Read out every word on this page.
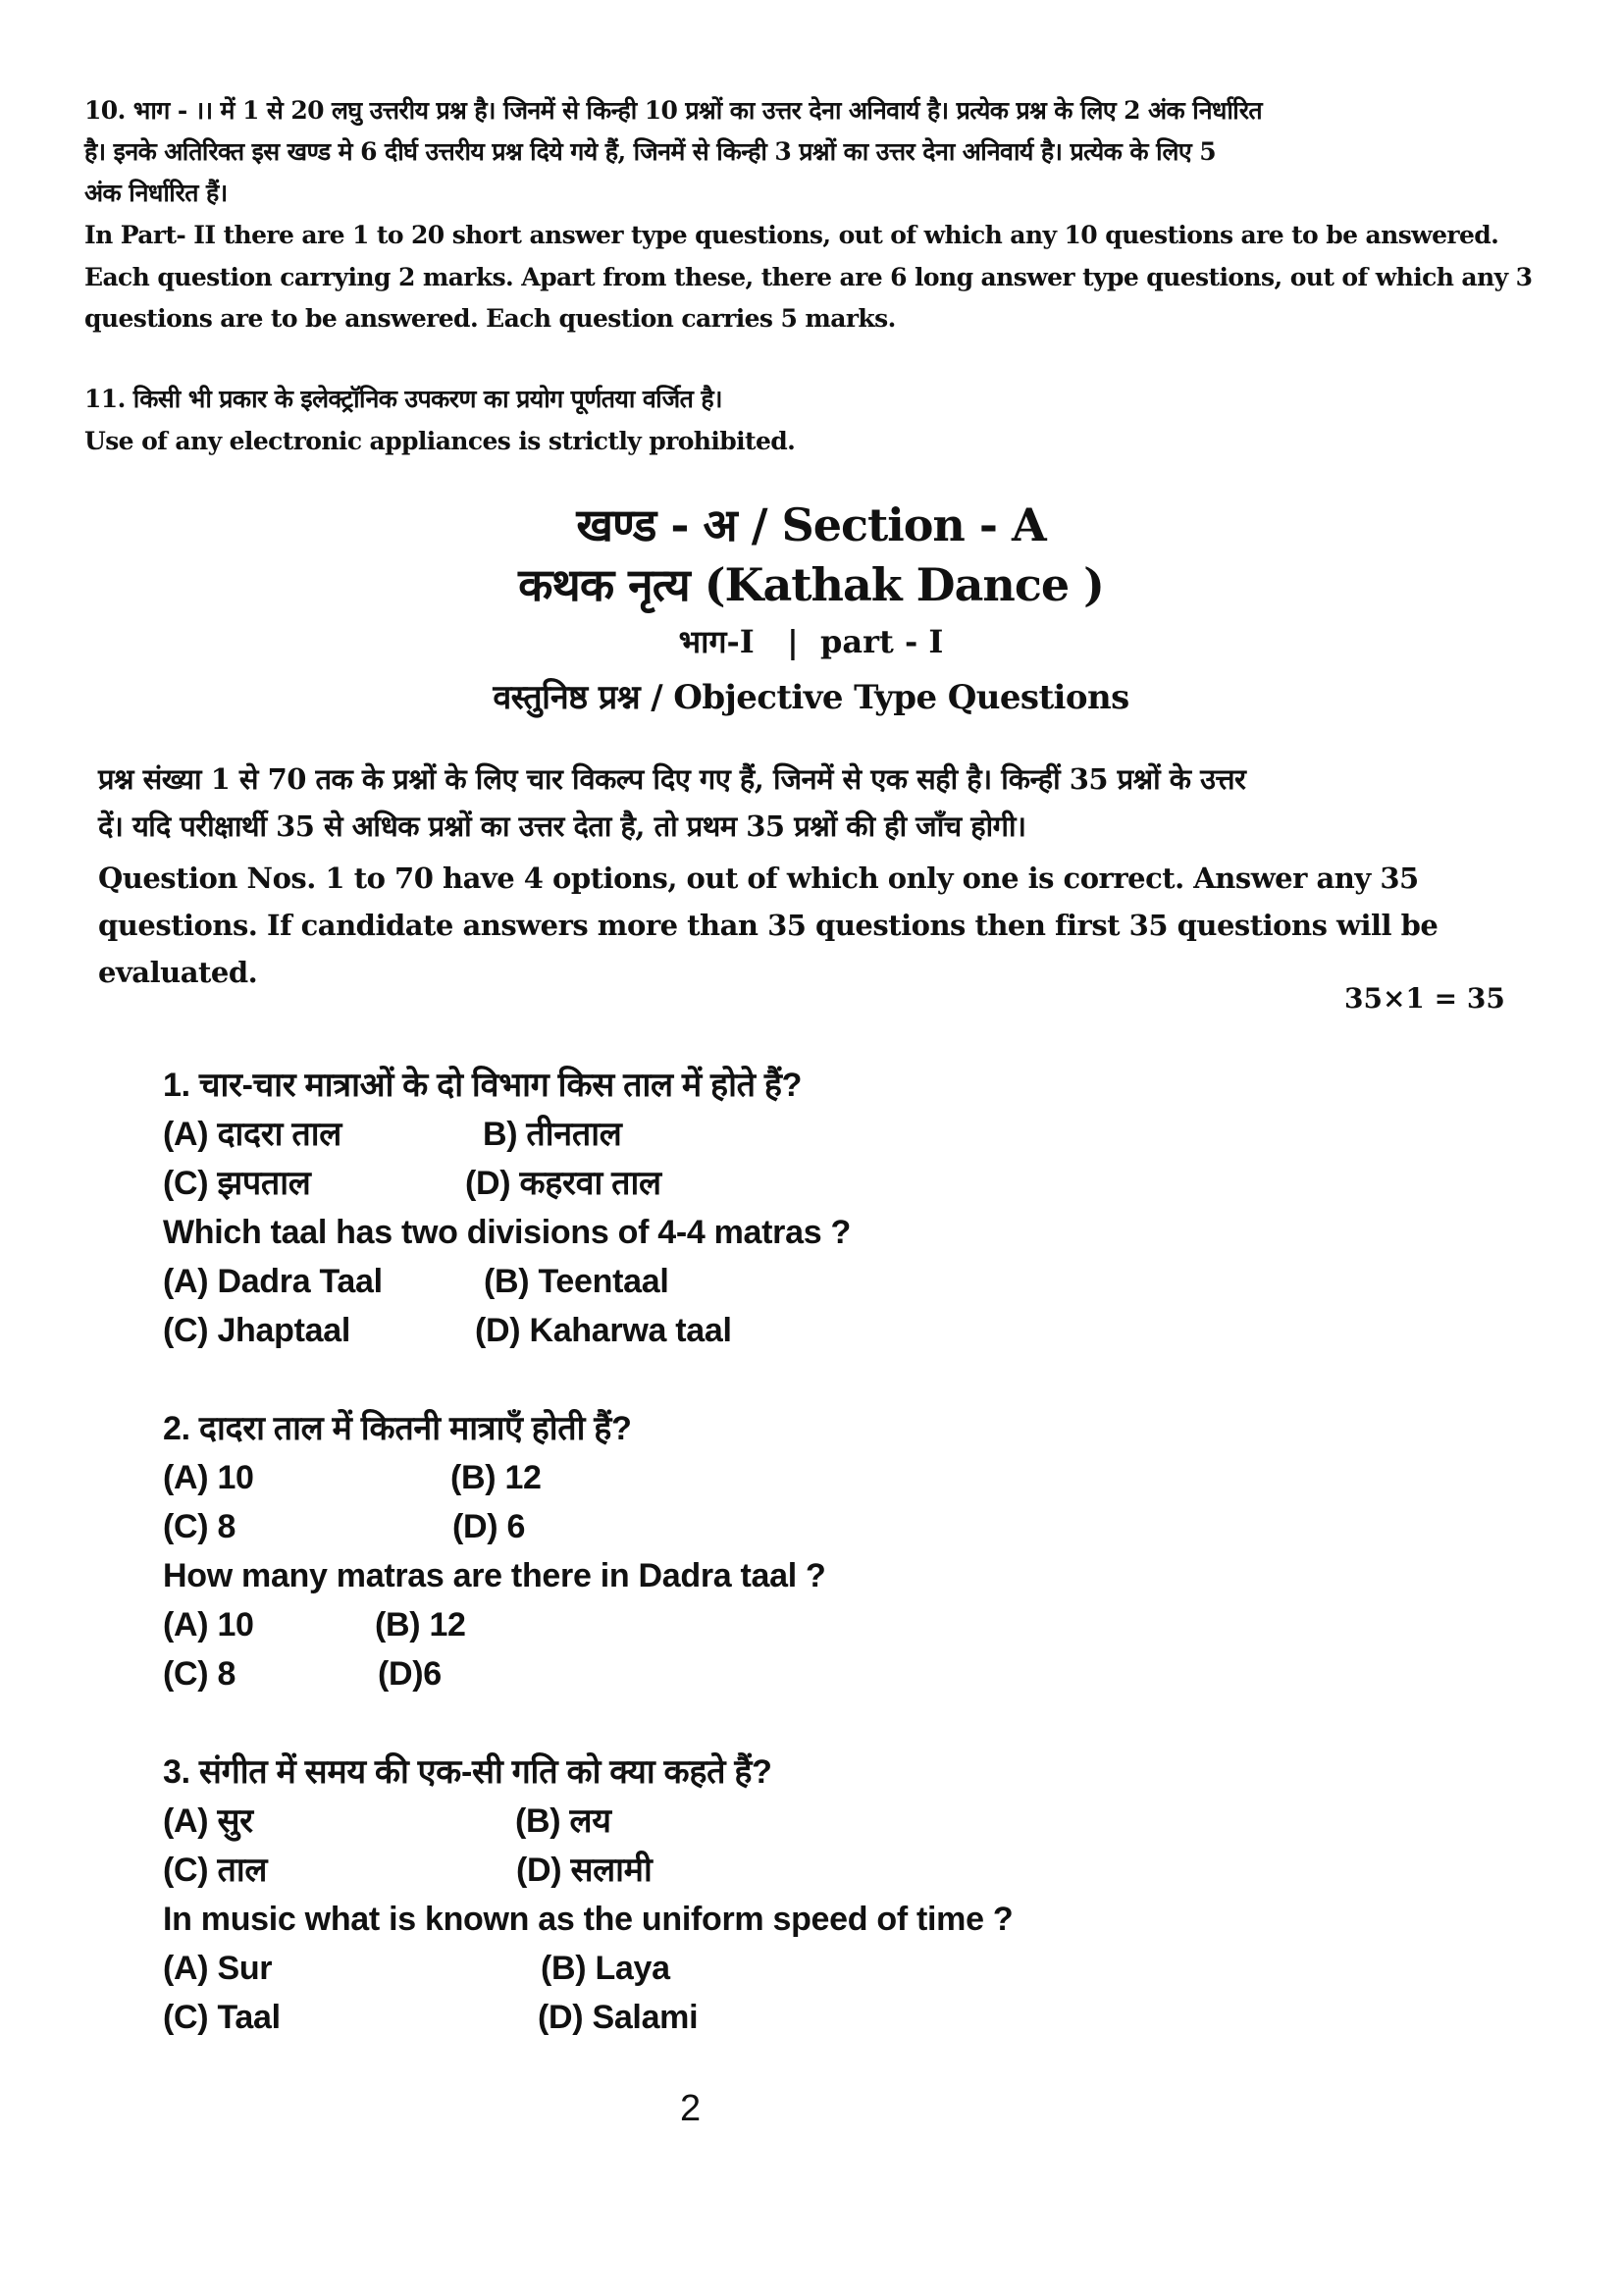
10. भाग - ।। में 1 से 20 लघु उत्तरीय प्रश्न है। जिनमें से किन्ही 10 प्रश्नों का उत्तर देना अनिवार्य है। प्रत्येक प्रश्न के लिए 2 अंक निर्धारित
है। इनके अतिरिक्त इस खण्ड मे 6 दीर्घ उत्तरीय प्रश्न दिये गये हैं, जिनमें से किन्ही 3 प्रश्नों का उत्तर देना अनिवार्य है। प्रत्येक के लिए 5
अंक निर्धारित हैं।
In Part- II there are 1 to 20 short answer type questions, out of which any 10 questions are to be answered.
Each question carrying 2 marks. Apart from these, there are 6 long answer type questions, out of which any 3
questions are to be answered. Each question carries 5 marks.
11. किसी भी प्रकार के इलेक्ट्रॉनिक उपकरण का प्रयोग पूर्णतया वर्जित है।
Use of any electronic appliances is strictly prohibited.
खण्ड - अ / Section - A
कथक नृत्य (Kathak Dance )
भाग-I   |  part - I
वस्तुनिष्ठ प्रश्न / Objective Type Questions
प्रश्न संख्या 1 से 70 तक के प्रश्नों के लिए चार विकल्प दिए गए हैं, जिनमें से एक सही है। किन्हीं 35 प्रश्नों के उत्तर
दें। यदि परीक्षार्थी 35 से अधिक प्रश्नों का उत्तर देता है, तो प्रथम 35 प्रश्नों की ही जाँच होगी।
Question Nos. 1 to 70 have 4 options, out of which only one is correct. Answer any 35
questions. If candidate answers more than 35 questions then first 35 questions will be
evaluated.
35×1 = 35
1. चार-चार मात्राओं के दो विभाग किस ताल में होते हैं?
(A) दादरा ताल	B) तीनताल
(C) झपताल	(D) कहरवा ताल
Which taal has two divisions of 4-4 matras ?
(A) Dadra Taal	(B) Teentaal
(C) Jhaptaal	(D) Kaharwa taal
2. दादरा ताल में कितनी मात्राएँ होती हैं?
(A) 10	(B) 12
(C) 8	(D) 6
How many matras are there in Dadra taal ?
(A) 10	(B) 12
(C) 8	(D)6
3. संगीत में समय की एक-सी गति को क्या कहते हैं?
(A) सुर	(B) लय
(C) ताल	(D) सलामी
In music what is known as the uniform speed of time ?
(A) Sur	(B) Laya
(C) Taal	(D) Salami
2
